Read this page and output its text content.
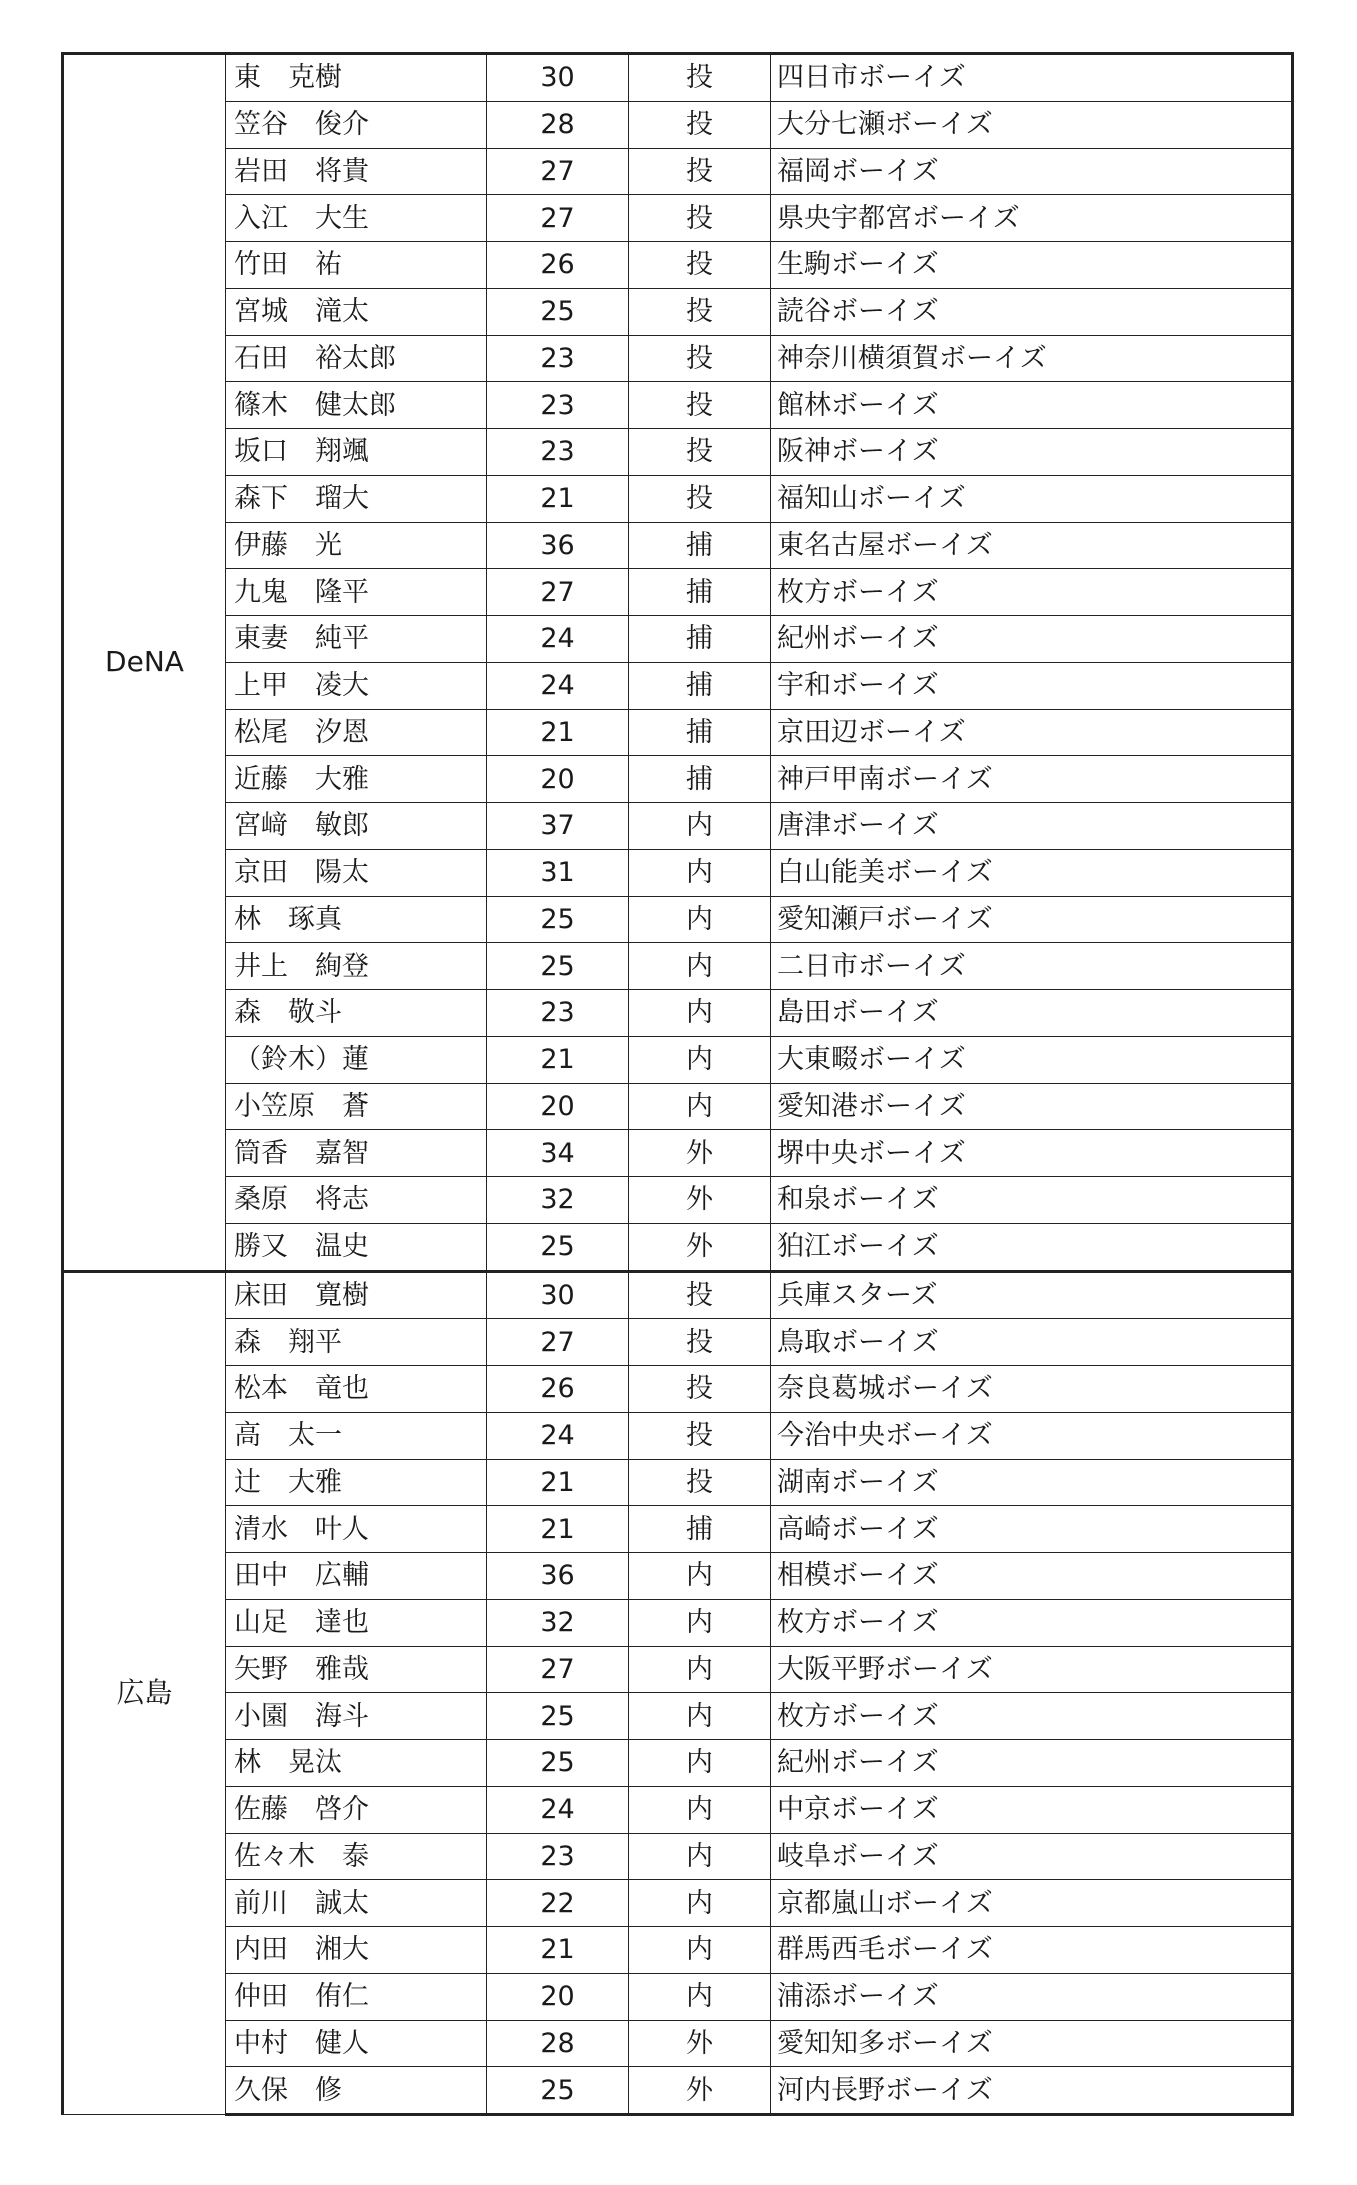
DeNA	東　克樹	30	投	四日市ボーイズ
	笠谷　俊介	28	投	大分七瀬ボーイズ
	岩田　将貴	27	投	福岡ボーイズ
	入江　大生	27	投	県央宇都宮ボーイズ
	竹田　祐	26	投	生駒ボーイズ
	宮城　滝太	25	投	読谷ボーイズ
	石田　裕太郎	23	投	神奈川横須賀ボーイズ
	篠木　健太郎	23	投	館林ボーイズ
	坂口　翔颯	23	投	阪神ボーイズ
	森下　瑠大	21	投	福知山ボーイズ
	伊藤　光	36	捕	東名古屋ボーイズ
	九鬼　隆平	27	捕	枚方ボーイズ
	東妻　純平	24	捕	紀州ボーイズ
	上甲　凌大	24	捕	宇和ボーイズ
	松尾　汐恩	21	捕	京田辺ボーイズ
	近藤　大雅	20	捕	神戸甲南ボーイズ
	宮﨑　敏郎	37	内	唐津ボーイズ
	京田　陽太	31	内	白山能美ボーイズ
	林　琢真	25	内	愛知瀬戸ボーイズ
	井上　絢登	25	内	二日市ボーイズ
	森　敬斗	23	内	島田ボーイズ
	（鈴木）蓮	21	内	大東畷ボーイズ
	小笠原　蒼	20	内	愛知港ボーイズ
	筒香　嘉智	34	外	堺中央ボーイズ
	桑原　将志	32	外	和泉ボーイズ
	勝又　温史	25	外	狛江ボーイズ
広島	床田　寛樹	30	投	兵庫スターズ
	森　翔平	27	投	鳥取ボーイズ
	松本　竜也	26	投	奈良葛城ボーイズ
	高　太一	24	投	今治中央ボーイズ
	辻　大雅	21	投	湖南ボーイズ
	清水　叶人	21	捕	高崎ボーイズ
	田中　広輔	36	内	相模ボーイズ
	山足　達也	32	内	枚方ボーイズ
	矢野　雅哉	27	内	大阪平野ボーイズ
	小園　海斗	25	内	枚方ボーイズ
	林　晃汰	25	内	紀州ボーイズ
	佐藤　啓介	24	内	中京ボーイズ
	佐々木　泰	23	内	岐阜ボーイズ
	前川　誠太	22	内	京都嵐山ボーイズ
	内田　湘大	21	内	群馬西毛ボーイズ
	仲田　侑仁	20	内	浦添ボーイズ
	中村　健人	28	外	愛知知多ボーイズ
	久保　修	25	外	河内長野ボーイズ
